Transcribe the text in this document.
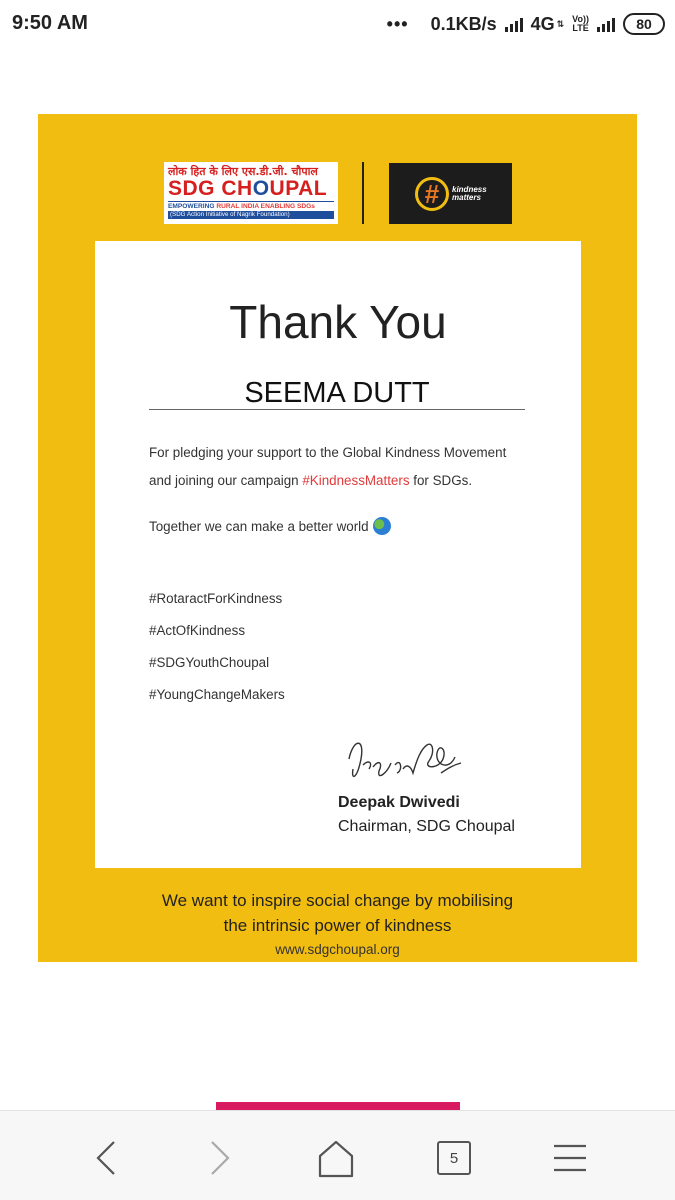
9:50 AM	••• 0.1KB/s 4G ⇅ Vo))
LTE	80
लोक हित के लिए एस.डी.जी. चौपाल
SDG CHOUPAL
EMPOWERING RURAL INDIA ENABLING SDGs
(SDG Action Initiative of Nagrik Foundation)
#	kindness
matters
Thank You
SEEMA DUTT
For pledging your support to the Global Kindness Movement
and joining our campaign #KindnessMatters for SDGs.
Together we can make a better world
#RotaractForKindness
#ActOfKindness
#SDGYouthChoupal
#YoungChangeMakers
Deepak Dwivedi
Chairman, SDG Choupal
We want to inspire social change by mobilising
the intrinsic power of kindness
www.sdgchoupal.org
5
